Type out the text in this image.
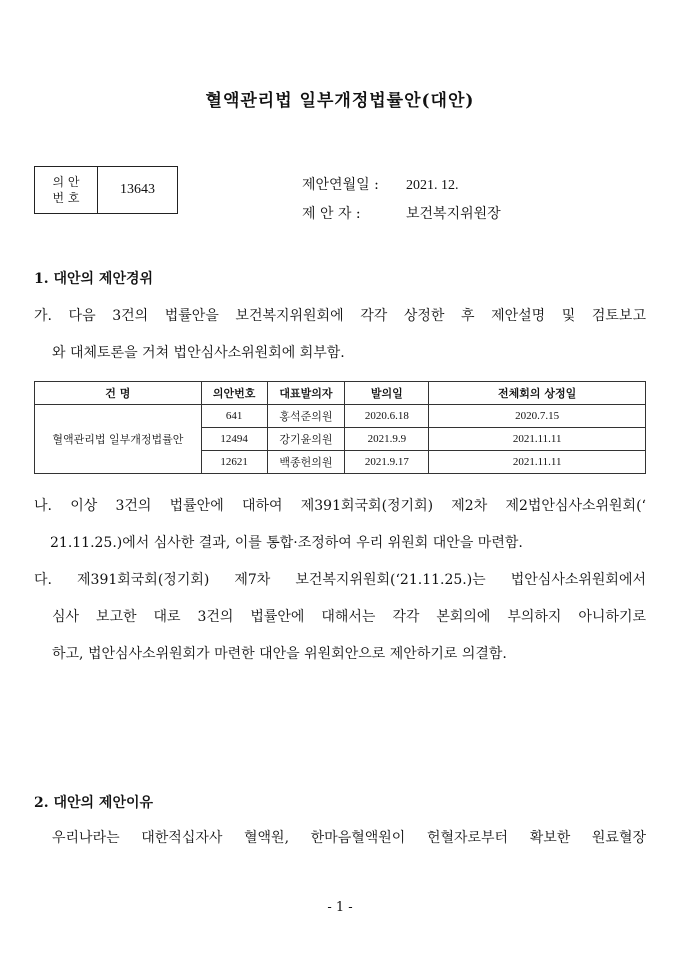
혈액관리법 일부개정법률안(대안)
의 안
번 호
13643	제안연월일 : 2021. 12.
제 안 자 :	보건복지위원장
1. 대안의 제안경위
가. 다음 3건의 법률안을 보건복지위원회에 각각 상정한 후 제안설명 및 검토보고
와 대체토론을 거쳐 법안심사소위원회에 회부함.
건 명	의안번호	대표발의자	발의일	전체회의 상정일
혈액관리법 일부개정법률안	641	홍석준의원	2020.6.18	2020.7.15
	12494	강기윤의원	2021.9.9	2021.11.11
	12621	백종헌의원	2021.9.17	2021.11.11
나. 이상 3건의 법률안에 대하여 제391회국회(정기회) 제2차 제2법안심사소위원회(‘
21.11.25.)에서 심사한 결과, 이를 통합·조정하여 우리 위원회 대안을 마련함.
다. 제391회국회(정기회) 제7차 보건복지위원회(‘21.11.25.)는 법안심사소위원회에서
심사 보고한 대로 3건의 법률안에 대해서는 각각 본회의에 부의하지 아니하기로
하고, 법안심사소위원회가 마련한 대안을 위원회안으로 제안하기로 의결함.
2. 대안의 제안이유
우리나라는 대한적십자사 혈액원, 한마음혈액원이 헌혈자로부터 확보한 원료혈장
- 1 -
